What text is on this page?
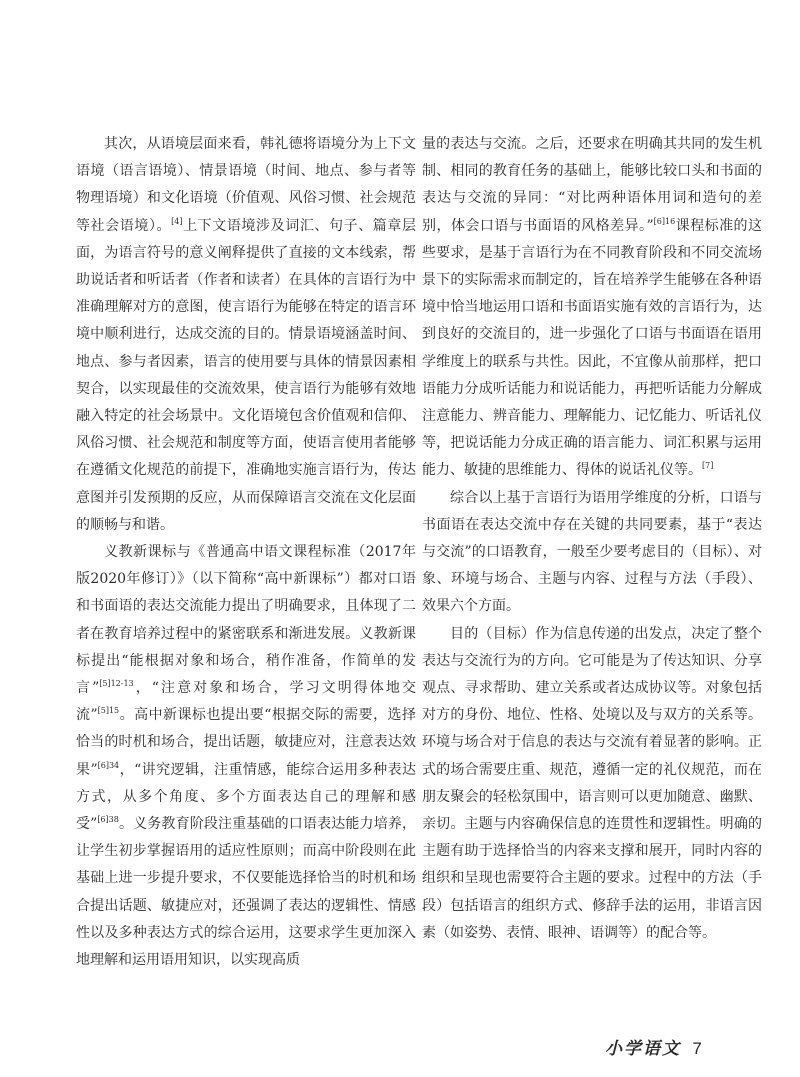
其次，从语境层面来看，韩礼德将语境分为上下文语境（语言语境）、情景语境（时间、地点、参与者等物理语境）和文化语境（价值观、风俗习惯、社会规范等社会语境）。[4]上下文语境涉及词汇、句子、篇章层面，为语言符号的意义阐释提供了直接的文本线索，帮助说话者和听话者（作者和读者）在具体的言语行为中准确理解对方的意图，使言语行为能够在特定的语言环境中顺利进行，达成交流的目的。情景语境涵盖时间、地点、参与者因素，语言的使用要与具体的情景因素相契合，以实现最佳的交流效果，使言语行为能够有效地融入特定的社会场景中。文化语境包含价值观和信仰、风俗习惯、社会规范和制度等方面，使语言使用者能够在遵循文化规范的前提下，准确地实施言语行为，传达意图并引发预期的反应，从而保障语言交流在文化层面的顺畅与和谐。

义教新课标与《普通高中语文课程标准（2017年版2020年修订）》（以下简称“高中新课标”）都对口语和书面语的表达交流能力提出了明确要求，且体现了二者在教育培养过程中的紧密联系和渐进发展。义教新课标提出“能根据对象和场合，稍作准备，作简单的发言”$^{[5]12-13}$，“注意对象和场合，学习文明得体地交流”$^{[5]15}$。高中新课标也提出要“根据交际的需要，选择恰当的时机和场合，提出话题，敏捷应对，注意表达效果”$^{[6]34}$，“讲究逻辑，注重情感，能综合运用多种表达方式，从多个角度、多个方面表达自己的理解和感受”$^{[6]38}$。义务教育阶段注重基础的口语表达能力培养，让学生初步掌握语用的适应性原则；而高中阶段则在此基础上进一步提升要求，不仅要能选择恰当的时机和场合提出话题、敏捷应对，还强调了表达的逻辑性、情感性以及多种表达方式的综合运用，这要求学生更加深入地理解和运用语用知识，以实现高质

量的表达与交流。之后，还要求在明确其共同的发生机制、相同的教育任务的基础上，能够比较口头和书面的表达与交流的异同：“对比两种语体用词和造句的差别，体会口语与书面语的风格差异。”$^{[6]16}$课程标准的这些要求，是基于言语行为在不同教育阶段和不同交流场景下的实际需求而制定的，旨在培养学生能够在各种语境中恰当地运用口语和书面语实施有效的言语行为，达到良好的交流目的，进一步强化了口语与书面语在语用学维度上的联系与共性。因此，不宜像从前那样，把口语能力分成听话能力和说话能力，再把听话能力分解成注意能力、辨音能力、理解能力、记忆能力、听话礼仪等，把说话能力分成正确的语言能力、词汇积累与运用能力、敏捷的思维能力、得体的说话礼仪等。[7]

综合以上基于言语行为语用学维度的分析，口语与书面语在表达交流中存在关键的共同要素，基于“表达与交流”的口语教育，一般至少要考虑目的（目标）、对象、环境与场合、主题与内容、过程与方法（手段）、效果六个方面。

目的（目标）作为信息传递的出发点，决定了整个表达与交流行为的方向。它可能是为了传达知识、分享观点、寻求帮助、建立关系或者达成协议等。对象包括对方的身份、地位、性格、处境以及与双方的关系等。环境与场合对于信息的表达与交流有着显著的影响。正式的场合需要庄重、规范，遵循一定的礼仪规范，而在朋友聚会的轻松氛围中，语言则可以更加随意、幽默、亲切。主题与内容确保信息的连贯性和逻辑性。明确的主题有助于选择恰当的内容来支撑和展开，同时内容的组织和呈现也需要符合主题的要求。过程中的方法（手段）包括语言的组织方式、修辞手法的运用，非语言因素（如姿势、表情、眼神、语调等）的配合等。

小学语文 7
